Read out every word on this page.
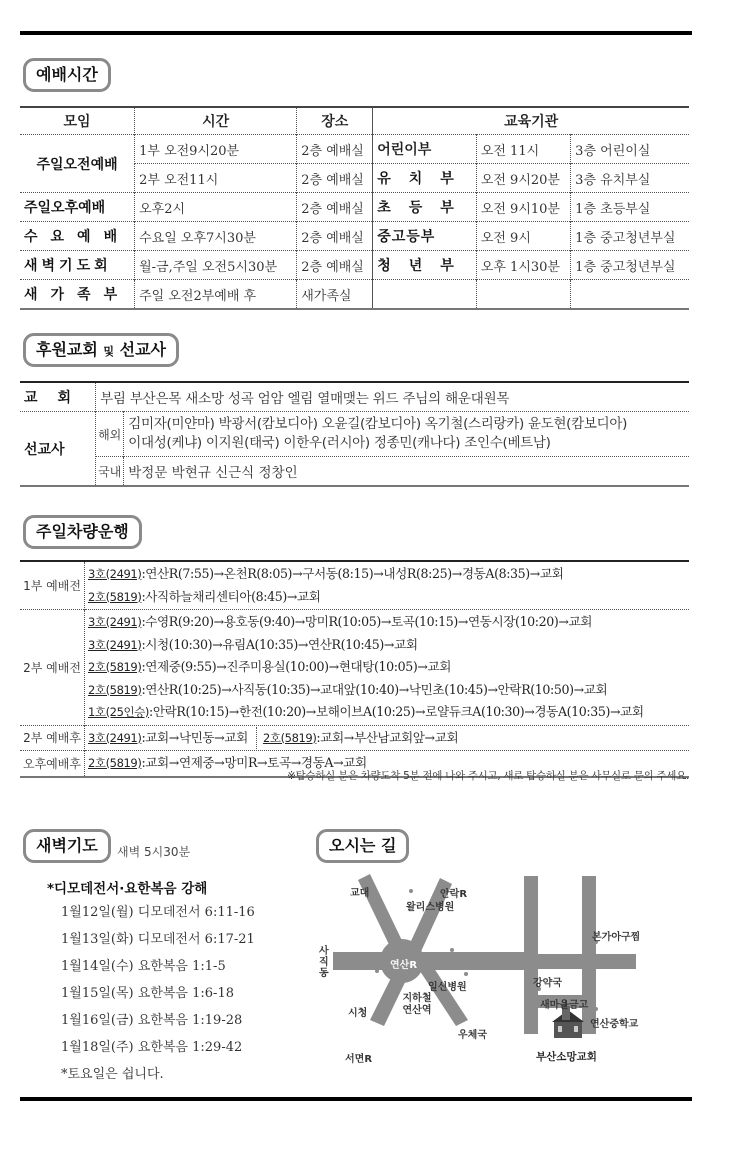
예배시간
모임	시간	장소	교육기관		
주일오전예배	1부 오전9시20분	2층 예배실	어린이부	오전 11시	3층 어린이실
	2부 오전11시	2층 예배실	유치부	오전 9시20분	3층 유치부실
주일오후예배	오후2시	2층 예배실	초등부	오전 9시10분	1층 초등부실
수요예배	수요일 오후7시30분	2층 예배실	중고등부	오전 9시	1층 중고청년부실
새벽기도회	월-금,주일 오전5시30분	2층 예배실	청년부	오후 1시30분	1층 중고청년부실
새가족부	주일 오전2부예배 후	새가족실			
후원교회 및 선교사
교회	부림 부산은목 새소망 성곡 엄암 엘림 열매맺는 위드 주님의 해운대원목	
선교사	해외	김미자(미얀마) 박광서(캄보디아) 오윤길(캄보디아) 옥기철(스리랑카) 윤도현(캄보디아)
이대성(케냐) 이지원(태국) 이한우(러시아) 정종민(캐나다) 조인수(베트남)

	국내	박정문 박현규 신근식 정창인
주일차량운행
1부 예배전	3호(2491):연산R(7:55)→온천R(8:05)→구서동(8:15)→내성R(8:25)→경동A(8:35)→교회
2호(5819):사직하늘채리센티아(8:45)→교회

2부 예배전	3호(2491):수영R(9:20)→용호동(9:40)→망미R(10:05)→토곡(10:15)→연동시장(10:20)→교회
3호(2491):시청(10:30)→유림A(10:35)→연산R(10:45)→교회
2호(5819):연제중(9:55)→진주미용실(10:00)→현대탕(10:05)→교회
2호(5819):연산R(10:25)→사직동(10:35)→교대앞(10:40)→낙민초(10:45)→안락R(10:50)→교회
1호(25인승):안락R(10:15)→한전(10:20)→보해이브A(10:25)→로얄듀크A(10:30)→경동A(10:35)→교회

2부 예배후	3호(2491):교회→낙민동→교회 2호(5819):교회→부산남교회앞→교회

오후예배후	2호(5819):교회→연제중→망미R→토곡→경동A→교회
※탑승하실 분은 차량도착 5분 전에 나와 주시고, 새로 탑승하실 분은 사무실로 문의 주세요.
새벽기도	새벽 5시30분
*디모데전서·요한복음 강해
1월12일(월) 디모데전서 6:11-16
1월13일(화) 디모데전서 6:17-21
1월14일(수) 요한복음 1:1-5
1월15일(목) 요한복음 1:6-18
1월16일(금) 요한복음 1:19-28
1월18일(주) 요한복음 1:29-42
*토요일은 쉽니다.
오시는 길
교대	안락R
왈리스병원
사직동
연산R
일신병원
시청
지하철 연산역
우체국
서면R
본가아구찜
강약국
새마을금고
연산중학교
부산소망교회
